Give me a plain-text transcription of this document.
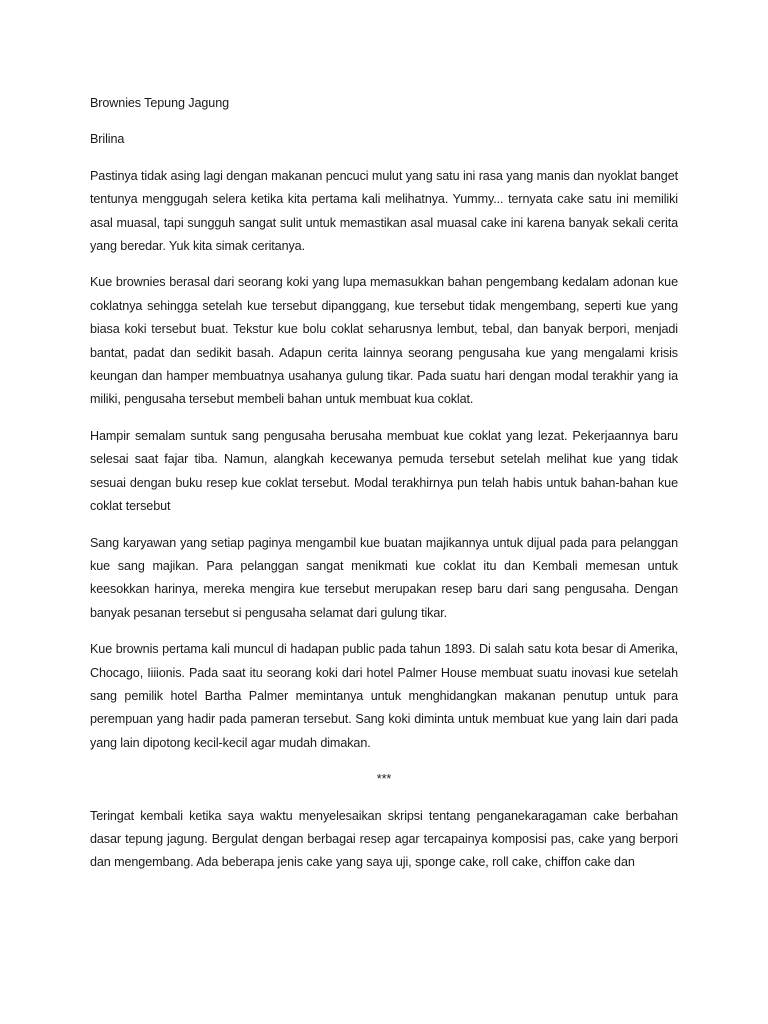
Brownies Tepung Jagung

Brilina

Pastinya tidak asing lagi dengan makanan pencuci mulut yang satu ini rasa yang manis dan nyoklat banget tentunya menggugah selera ketika kita pertama kali melihatnya. Yummy... ternyata cake satu ini memiliki asal muasal, tapi sungguh sangat sulit untuk memastikan asal muasal cake ini karena banyak sekali cerita yang beredar. Yuk kita simak ceritanya.

Kue brownies berasal dari seorang koki yang lupa memasukkan bahan pengembang kedalam adonan kue coklatnya sehingga setelah kue tersebut dipanggang, kue tersebut tidak mengembang, seperti kue yang biasa koki tersebut buat. Tekstur kue bolu coklat seharusnya lembut, tebal, dan banyak berpori, menjadi bantat, padat dan sedikit basah. Adapun cerita lainnya seorang pengusaha kue yang mengalami krisis keungan dan hamper membuatnya usahanya gulung tikar. Pada suatu hari dengan modal terakhir yang ia miliki, pengusaha tersebut membeli bahan untuk membuat kua coklat.

Hampir semalam suntuk sang pengusaha berusaha membuat kue coklat yang lezat. Pekerjaannya baru selesai saat fajar tiba. Namun, alangkah kecewanya pemuda tersebut setelah melihat kue yang tidak sesuai dengan buku resep kue coklat tersebut. Modal terakhirnya pun telah habis untuk bahan-bahan kue coklat tersebut

Sang karyawan yang setiap paginya mengambil kue buatan majikannya untuk dijual pada para pelanggan kue sang majikan. Para pelanggan sangat menikmati kue coklat itu dan Kembali memesan untuk keesokkan harinya, mereka mengira kue tersebut merupakan resep baru dari sang pengusaha. Dengan banyak pesanan tersebut si pengusaha selamat dari gulung tikar.

Kue brownis pertama kali muncul di hadapan public pada tahun 1893. Di salah satu kota besar di Amerika, Chocago, Iiiionis. Pada saat itu seorang koki dari hotel Palmer House membuat suatu inovasi kue setelah sang pemilik hotel Bartha Palmer memintanya untuk menghidangkan makanan penutup untuk para perempuan yang hadir pada pameran tersebut. Sang koki diminta untuk membuat kue yang lain dari pada yang lain dipotong kecil-kecil agar mudah dimakan.

***

Teringat kembali ketika saya waktu menyelesaikan skripsi tentang penganekaragaman cake berbahan dasar tepung jagung. Bergulat dengan berbagai resep agar tercapainya komposisi pas, cake yang berpori dan mengembang. Ada beberapa jenis cake yang saya uji, sponge cake, roll cake, chiffon cake dan
